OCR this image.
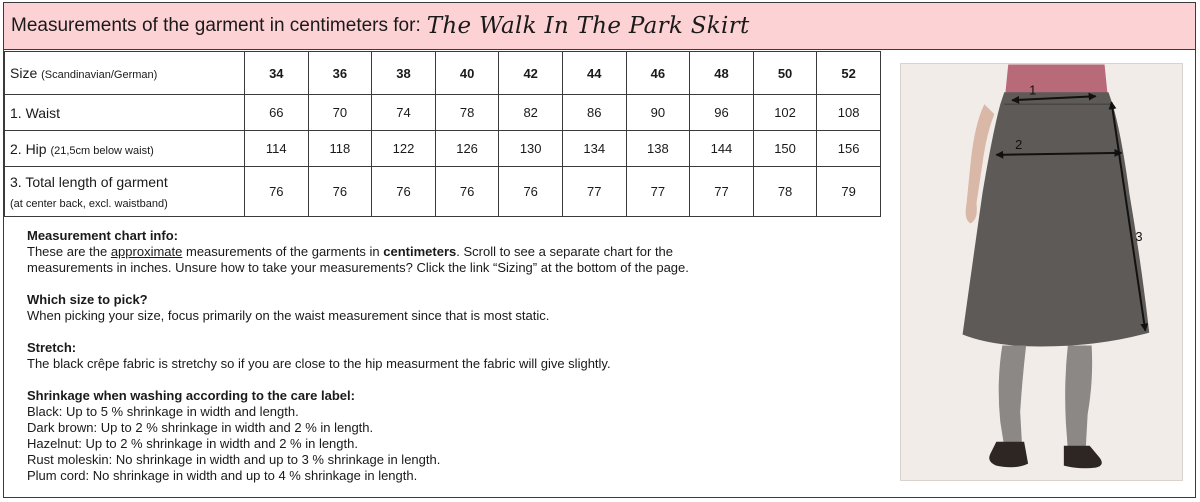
Measurements of the garment in centimeters for: The Walk In The Park Skirt
Size (Scandinavian/German)	34	36	38	40	42	44	46	48	50	52
1. Waist	66	70	74	78	82	86	90	96	102	108
2. Hip (21,5cm below waist)	114	118	122	126	130	134	138	144	150	156
3. Total length of garment
(at center back, excl. waistband)	76	76	76	76	76	77	77	77	78	79
Measurement chart info:
These are the approximate measurements of the garments in centimeters. Scroll to see a separate chart for the
measurements in inches. Unsure how to take your measurements? Click the link “Sizing” at the bottom of the page.
Which size to pick?
When picking your size, focus primarily on the waist measurement since that is most static.
Stretch:
The black crêpe fabric is stretchy so if you are close to the hip measurment the fabric will give slightly.
Shrinkage when washing according to the care label:
Black: Up to 5 % shrinkage in width and length.
Dark brown: Up to 2 % shrinkage in width and 2 % in length.
Hazelnut: Up to 2 % shrinkage in width and 2 % in length.
Rust moleskin: No shrinkage in width and up to 3 % shrinkage in length.
Plum cord: No shrinkage in width and up to 4 % shrinkage in length.
1
2
3
